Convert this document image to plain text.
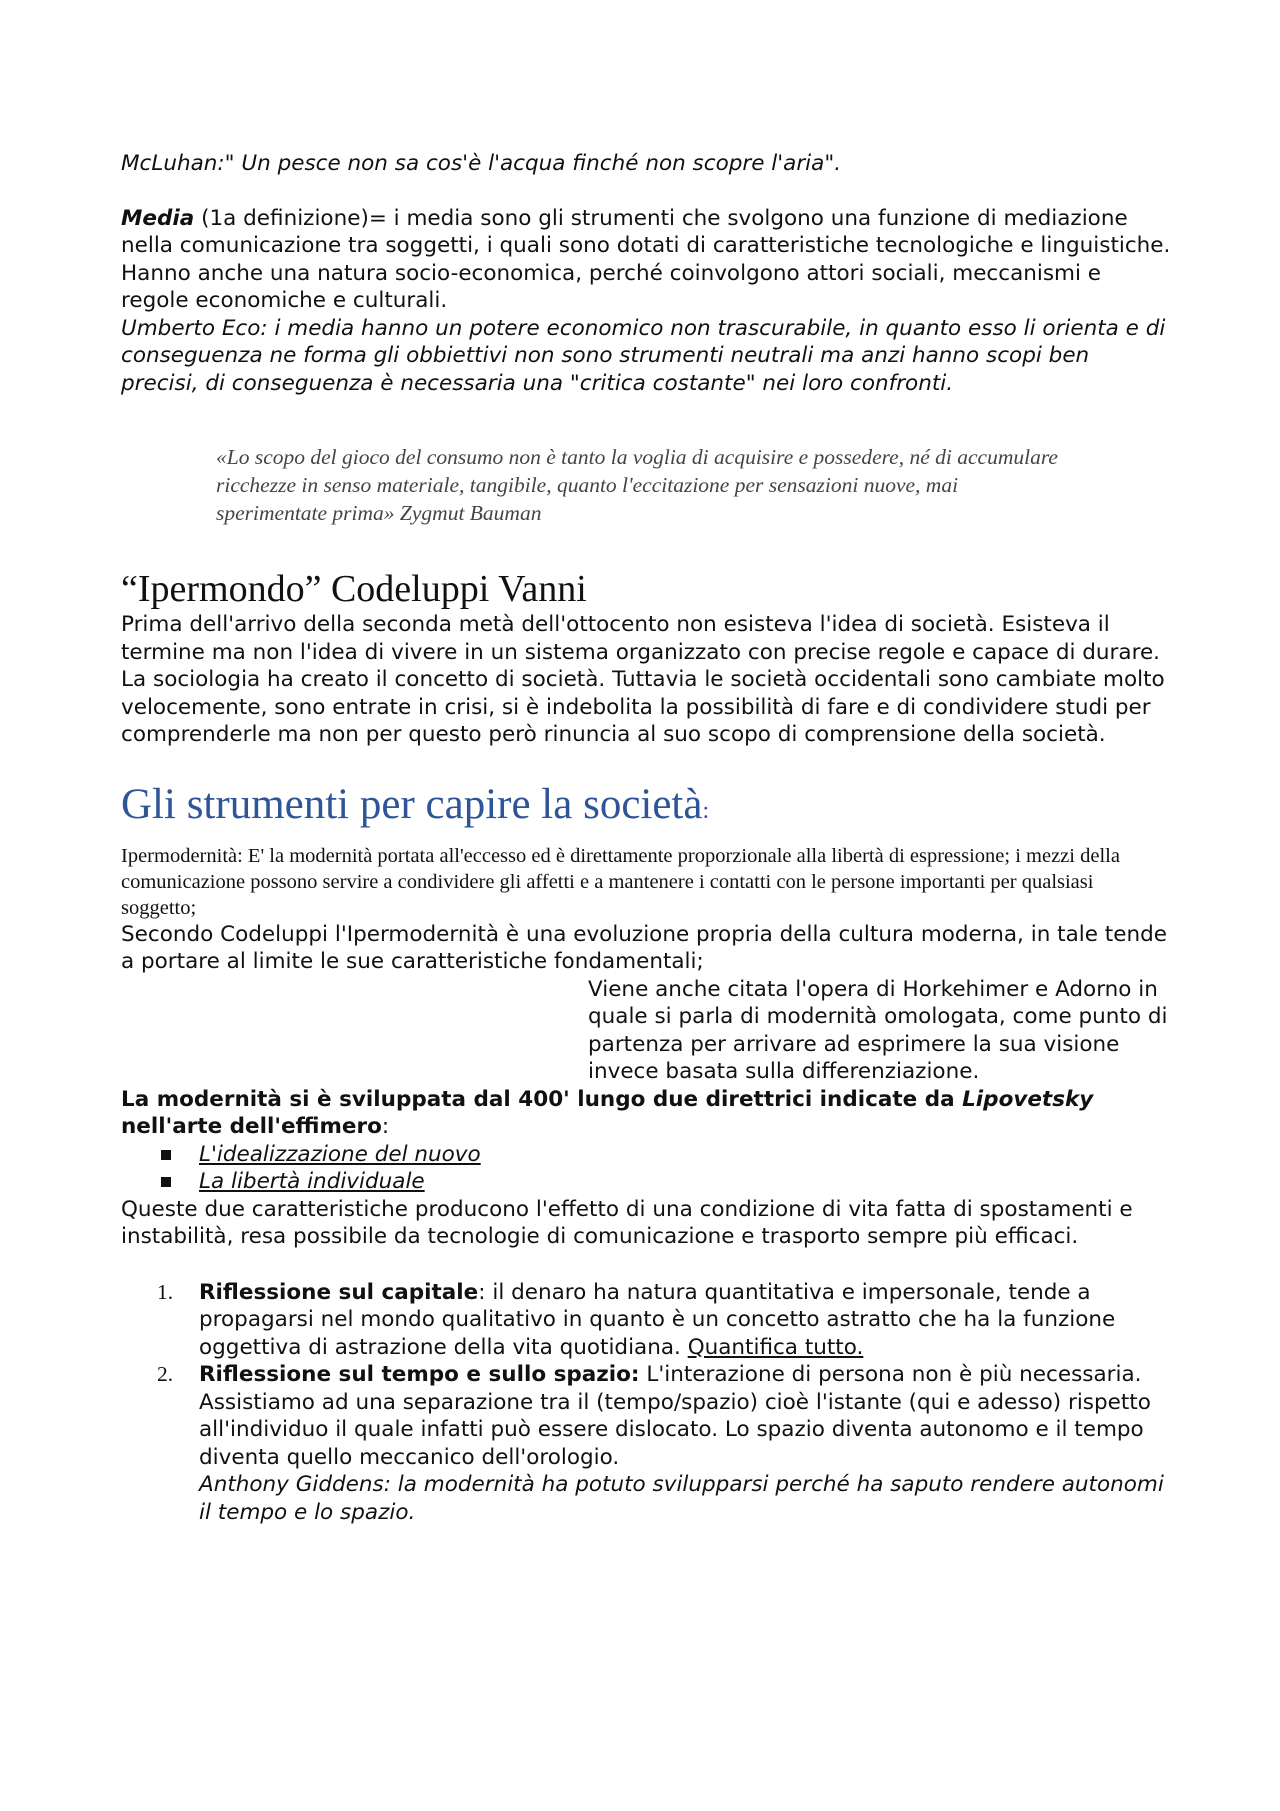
McLuhan:" Un pesce non sa cos'è l'acqua finché non scopre l'aria".

Media (1a definizione)= i media sono gli strumenti che svolgono una funzione di mediazione nella comunicazione tra soggetti, i quali sono dotati di caratteristiche tecnologiche e linguistiche. Hanno anche una natura socio-economica, perché coinvolgono attori sociali, meccanismi e regole economiche e culturali.

Umberto Eco: i media hanno un potere economico non trascurabile, in quanto esso li orienta e di conseguenza ne forma gli obbiettivi non sono strumenti neutrali ma anzi hanno scopi ben precisi, di conseguenza è necessaria una "critica costante" nei loro confronti.

«Lo scopo del gioco del consumo non è tanto la voglia di acquisire e possedere, né di accumulare ricchezze in senso materiale, tangibile, quanto l'eccitazione per sensazioni nuove, mai sperimentate prima» Zygmut Bauman

“Ipermondo” Codeluppi Vanni

Prima dell'arrivo della seconda metà dell'ottocento non esisteva l'idea di società. Esisteva il termine ma non l'idea di vivere in un sistema organizzato con precise regole e capace di durare. La sociologia ha creato il concetto di società. Tuttavia le società occidentali sono cambiate molto velocemente, sono entrate in crisi, si è indebolita la possibilità di fare e di condividere studi per comprenderle ma non per questo però rinuncia al suo scopo di comprensione della società.

Gli strumenti per capire la società:

Ipermodernità: E' la modernità portata all'eccesso ed è direttamente proporzionale alla libertà di espressione; i mezzi della comunicazione possono servire a condividere gli affetti e a mantenere i contatti con le persone importanti per qualsiasi soggetto;

Secondo Codeluppi l'Ipermodernità è una evoluzione propria della cultura moderna, in tale tende a portare al limite le sue caratteristiche fondamentali;

Viene anche citata l'opera di Horkehimer e Adorno in quale si parla di modernità omologata, come punto di partenza per arrivare ad esprimere la sua visione invece basata sulla differenziazione.

La modernità si è sviluppata dal 400' lungo due direttrici indicate da Lipovetsky nell'arte dell'effimero:

L'idealizzazione del nuovo
La libertà individuale

Queste due caratteristiche producono l'effetto di una condizione di vita fatta di spostamenti e instabilità, resa possibile da tecnologie di comunicazione e trasporto sempre più efficaci.

1. Riflessione sul capitale: il denaro ha natura quantitativa e impersonale, tende a propagarsi nel mondo qualitativo in quanto è un concetto astratto che ha la funzione oggettiva di astrazione della vita quotidiana. Quantifica tutto.
2. Riflessione sul tempo e sullo spazio: L'interazione di persona non è più necessaria. Assistiamo ad una separazione tra il (tempo/spazio) cioè l'istante (qui e adesso) rispetto all'individuo il quale infatti può essere dislocato. Lo spazio diventa autonomo e il tempo diventa quello meccanico dell'orologio.
Anthony Giddens: la modernità ha potuto svilupparsi perché ha saputo rendere autonomi il tempo e lo spazio.
